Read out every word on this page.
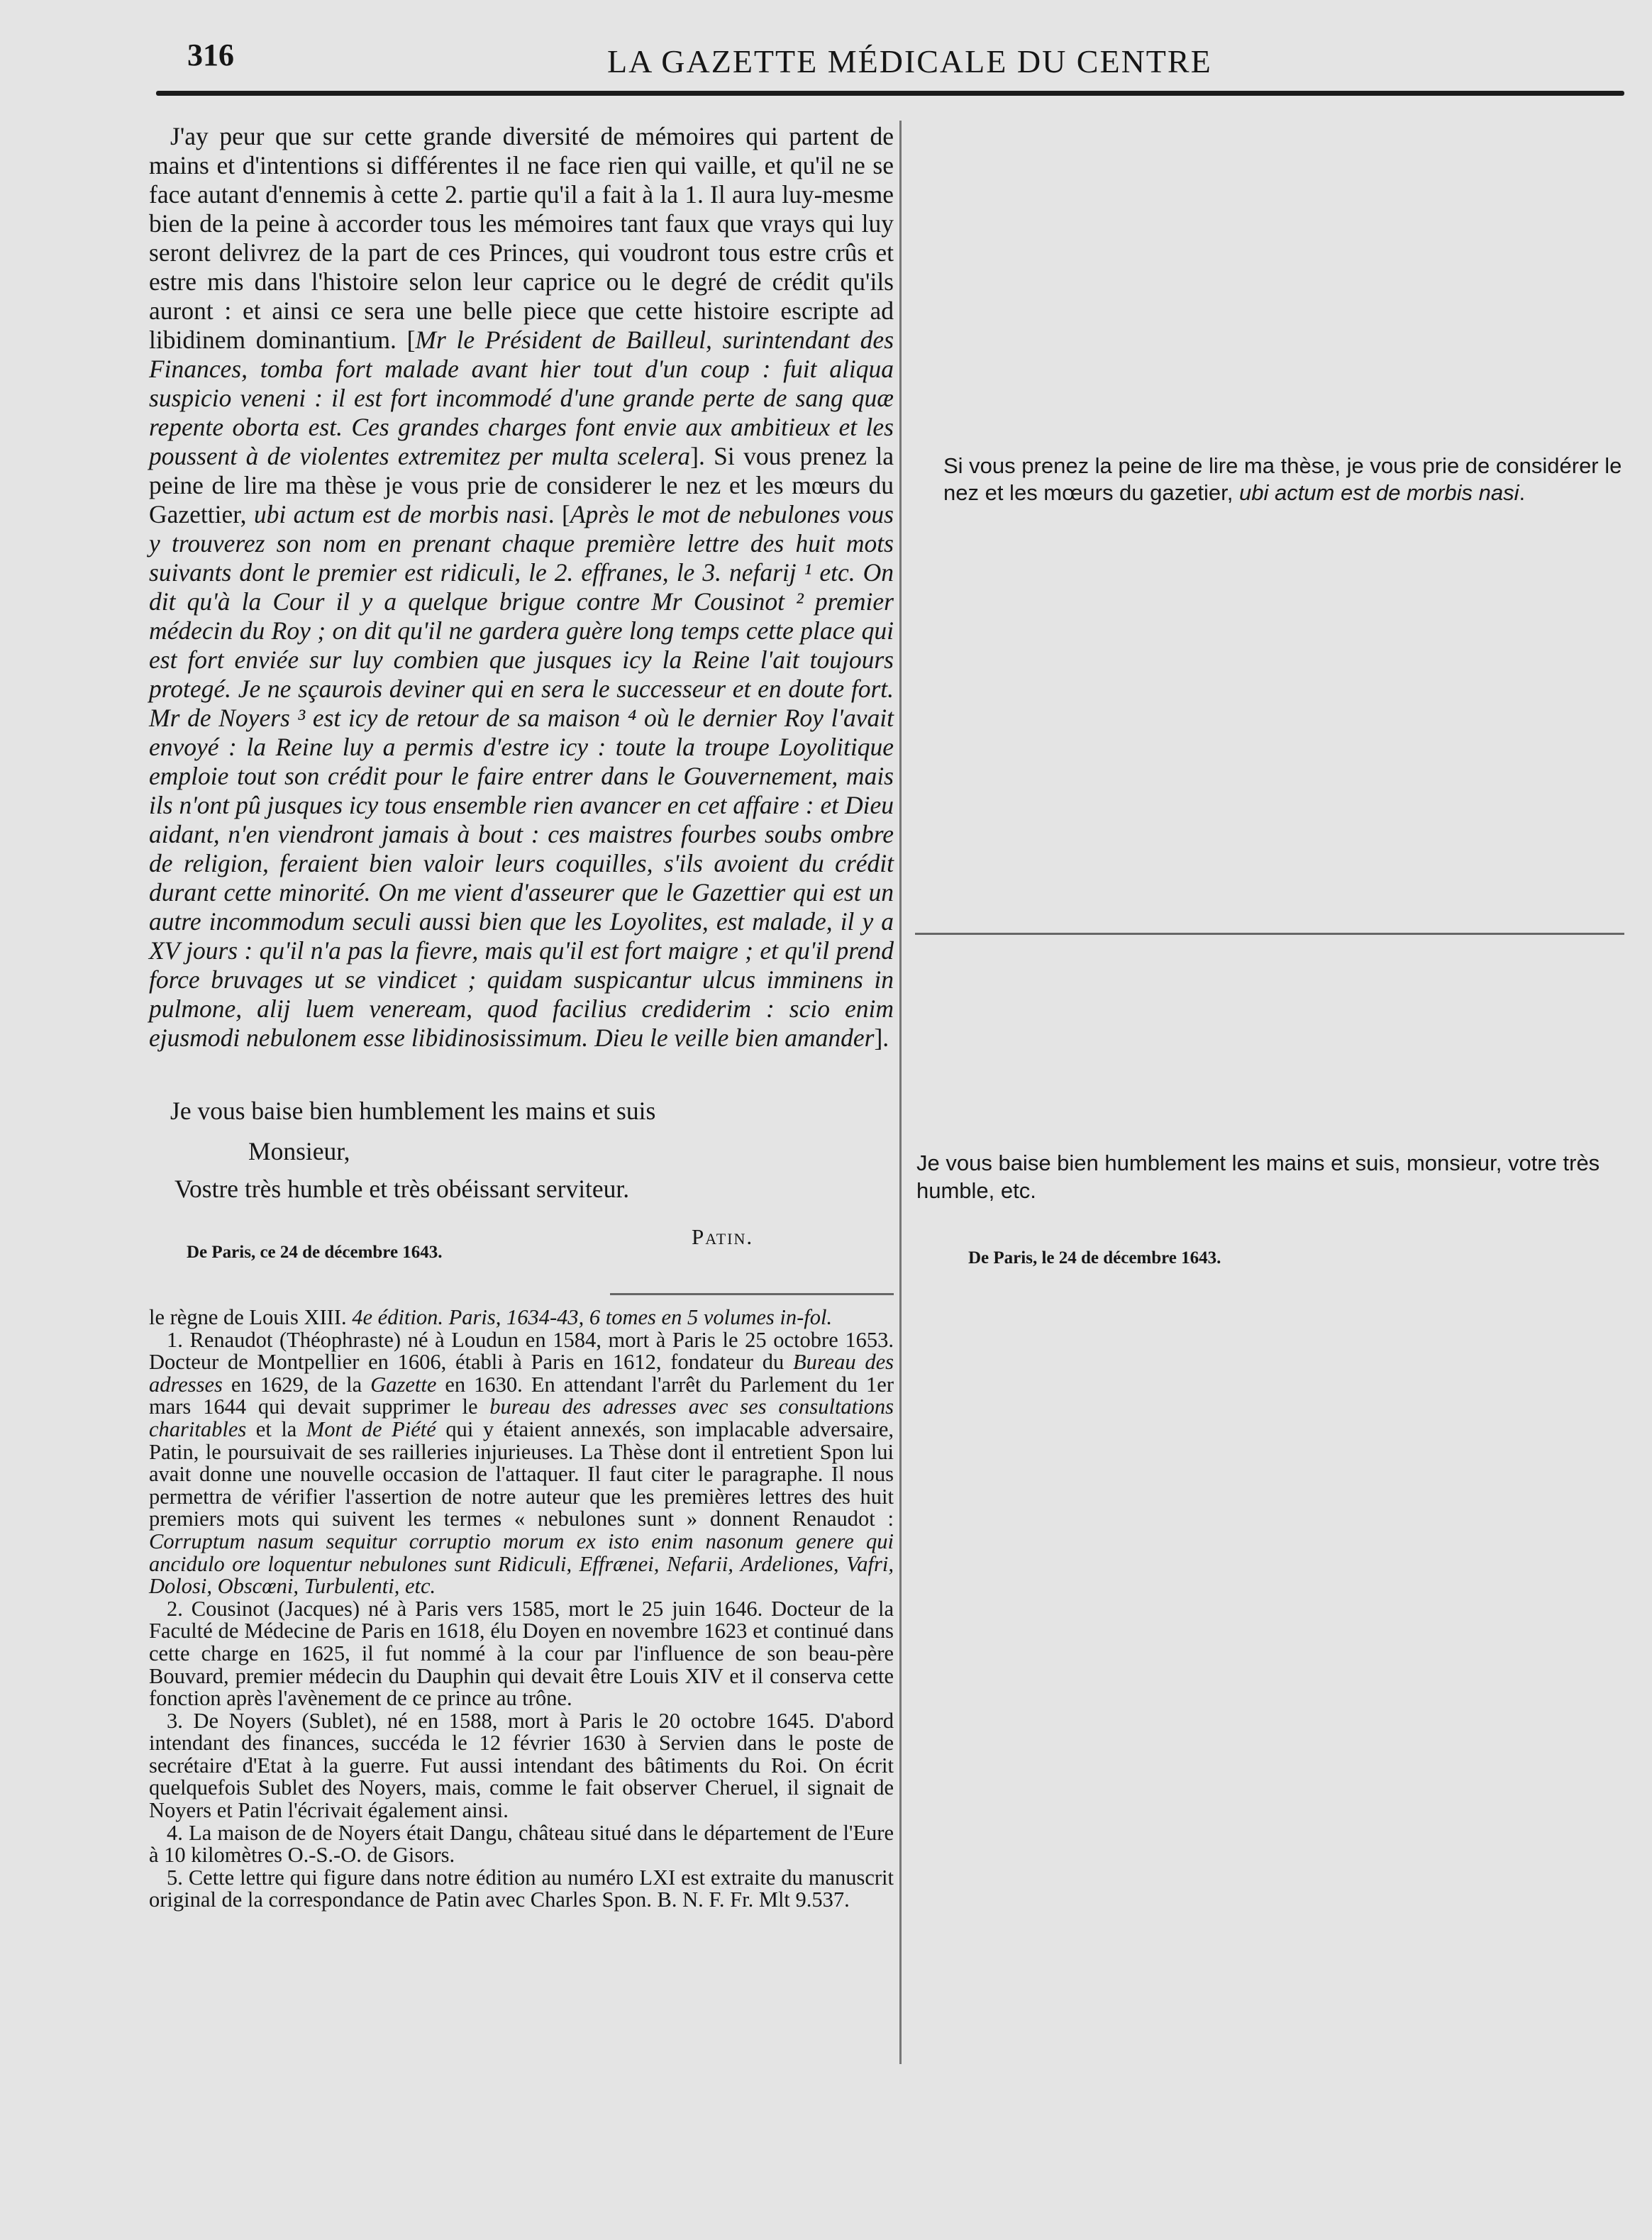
316	LA GAZETTE MÉDICALE DU CENTRE

J'ay peur que sur cette grande diversité de mémoires qui partent de mains et d'intentions si différentes il ne face rien qui vaille, et qu'il ne se face autant d'ennemis à cette 2. partie qu'il a fait à la 1. Il aura luy-mesme bien de la peine à accorder tous les mémoires tant faux que vrays qui luy seront delivrez de la part de ces Princes, qui voudront tous estre crûs et estre mis dans l'histoire selon leur caprice ou le degré de crédit qu'ils auront : et ainsi ce sera une belle piece que cette histoire escripte ad libidinem dominantium. [Mr le Président de Bailleul, surintendant des Finances, tomba fort malade avant hier tout d'un coup : fuit aliqua suspicio veneni : il est fort incommodé d'une grande perte de sang quæ repente oborta est. Ces grandes charges font envie aux ambitieux et les poussent à de violentes extremitez per multa scelera]. Si vous prenez la peine de lire ma thèse je vous prie de considerer le nez et les mœurs du Gazettier, ubi actum est de morbis nasi. [Après le mot de nebulones vous y trouverez son nom en prenant chaque première lettre des huit mots suivants dont le premier est ridiculi, le 2. effranes, le 3. nefarij ¹ etc. On dit qu'à la Cour il y a quelque brigue contre Mr Cousinot ² premier médecin du Roy ; on dit qu'il ne gardera guère long temps cette place qui est fort enviée sur luy combien que jusques icy la Reine l'ait toujours protegé. Je ne sçaurois deviner qui en sera le successeur et en doute fort. Mr de Noyers ³ est icy de retour de sa maison ⁴ où le dernier Roy l'avait envoyé : la Reine luy a permis d'estre icy : toute la troupe Loyolitique emploie tout son crédit pour le faire entrer dans le Gouvernement, mais ils n'ont pû jusques icy tous ensemble rien avancer en cet affaire : et Dieu aidant, n'en viendront jamais à bout : ces maistres fourbes soubs ombre de religion, feraient bien valoir leurs coquilles, s'ils avoient du crédit durant cette minorité. On me vient d'asseurer que le Gazettier qui est un autre incommodum seculi aussi bien que les Loyolites, est malade, il y a XV jours : qu'il n'a pas la fievre, mais qu'il est fort maigre ; et qu'il prend force bruvages ut se vindicet ; quidam suspicantur ulcus imminens in pulmone, alij luem veneream, quod facilius crediderim : scio enim ejusmodi nebulonem esse libidinosissimum. Dieu le veille bien amander].

Je vous baise bien humblement les mains et suis
Monsieur,
Vostre très humble et très obéissant serviteur.
Patin.
De Paris, ce 24 de décembre 1643.

le règne de Louis XIII. 4e édition. Paris, 1634-43, 6 tomes en 5 volumes in-fol.

1. Renaudot (Théophraste) né à Loudun en 1584, mort à Paris le 25 octobre 1653. Docteur de Montpellier en 1606, établi à Paris en 1612, fondateur du Bureau des adresses en 1629, de la Gazette en 1630. En attendant l'arrêt du Parlement du 1er mars 1644 qui devait supprimer le bureau des adresses avec ses consultations charitables et la Mont de Piété qui y étaient annexés, son implacable adversaire, Patin, le poursuivait de ses railleries injurieuses. La Thèse dont il entretient Spon lui avait donne une nouvelle occasion de l'attaquer. Il faut citer le paragraphe. Il nous permettra de vérifier l'assertion de notre auteur que les premières lettres des huit premiers mots qui suivent les termes « nebulones sunt » donnent Renaudot : Corruptum nasum sequitur corruptio morum ex isto enim nasonum genere qui ancidulo ore loquentur nebulones sunt Ridiculi, Effrænei, Nefarii, Ardeliones, Vafri, Dolosi, Obscœni, Turbulenti, etc.

2. Cousinot (Jacques) né à Paris vers 1585, mort le 25 juin 1646. Docteur de la Faculté de Médecine de Paris en 1618, élu Doyen en novembre 1623 et continué dans cette charge en 1625, il fut nommé à la cour par l'influence de son beau-père Bouvard, premier médecin du Dauphin qui devait être Louis XIV et il conserva cette fonction après l'avènement de ce prince au trône.

3. De Noyers (Sublet), né en 1588, mort à Paris le 20 octobre 1645. D'abord intendant des finances, succéda le 12 février 1630 à Servien dans le poste de secrétaire d'Etat à la guerre. Fut aussi intendant des bâtiments du Roi. On écrit quelquefois Sublet des Noyers, mais, comme le fait observer Cheruel, il signait de Noyers et Patin l'écrivait également ainsi.

4. La maison de de Noyers était Dangu, château situé dans le département de l'Eure à 10 kilomètres O.-S.-O. de Gisors.

5. Cette lettre qui figure dans notre édition au numéro LXI est extraite du manuscrit original de la correspondance de Patin avec Charles Spon. B. N. F. Fr. Mlt 9.537.

Si vous prenez la peine de lire ma thèse, je vous prie de considérer le nez et les mœurs du gazetier, ubi actum est de morbis nasi.
Je vous baise bien humblement les mains et suis, monsieur, votre très humble, etc.
De Paris, le 24 de décembre 1643.
